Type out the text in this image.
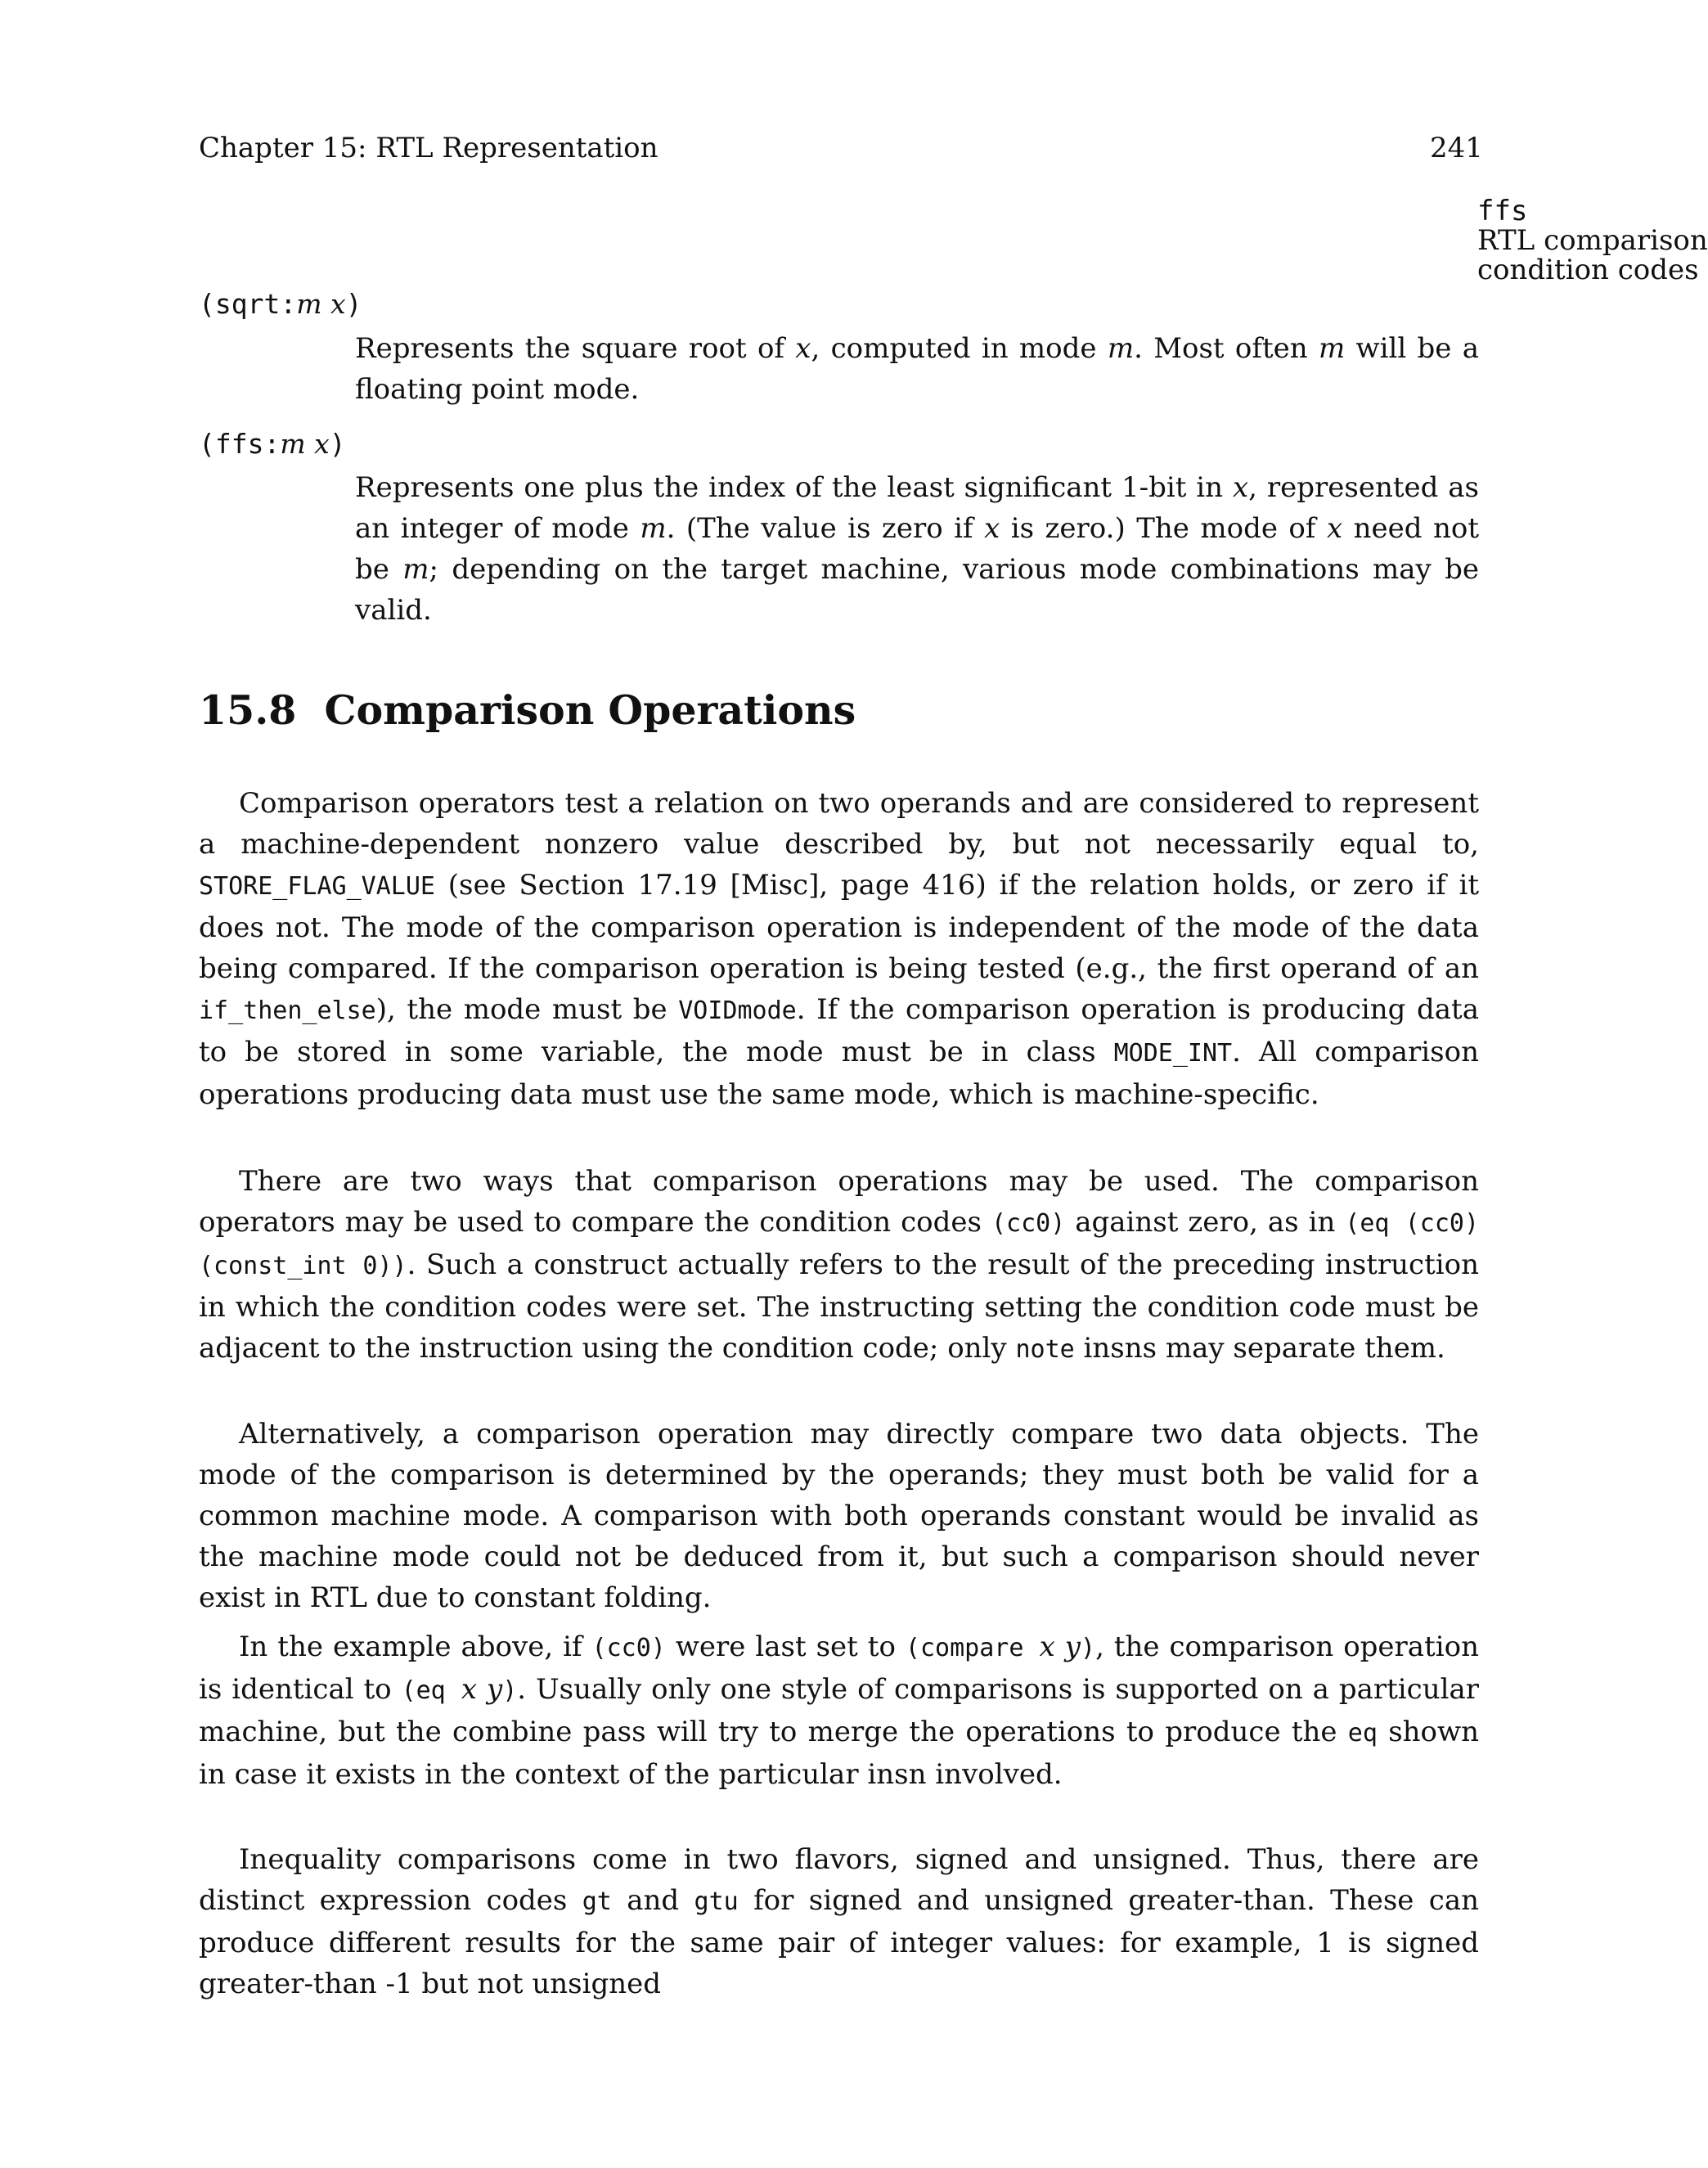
Chapter 15: RTL Representation	241
ffs
RTL comparison
condition codes
(sqrt:m x)
Represents the square root of x, computed in mode m. Most often m will be a floating point mode.
(ffs:m x)
Represents one plus the index of the least significant 1-bit in x, represented as an integer of mode m. (The value is zero if x is zero.) The mode of x need not be m; depending on the target machine, various mode combinations may be valid.
15.8 Comparison Operations

Comparison operators test a relation on two operands and are considered to represent a machine-dependent nonzero value described by, but not necessarily equal to, STORE_FLAG_VALUE (see Section 17.19 [Misc], page 416) if the relation holds, or zero if it does not. The mode of the comparison operation is independent of the mode of the data being compared. If the comparison operation is being tested (e.g., the first operand of an if_then_else), the mode must be VOIDmode. If the comparison operation is producing data to be stored in some variable, the mode must be in class MODE_INT. All comparison operations producing data must use the same mode, which is machine-specific.

There are two ways that comparison operations may be used. The comparison operators may be used to compare the condition codes (cc0) against zero, as in (eq (cc0) (const_int 0)). Such a construct actually refers to the result of the preceding instruction in which the condition codes were set. The instructing setting the condition code must be adjacent to the instruction using the condition code; only note insns may separate them.

Alternatively, a comparison operation may directly compare two data objects. The mode of the comparison is determined by the operands; they must both be valid for a common machine mode. A comparison with both operands constant would be invalid as the machine mode could not be deduced from it, but such a comparison should never exist in RTL due to constant folding.

In the example above, if (cc0) were last set to (compare x y), the comparison operation is identical to (eq x y). Usually only one style of comparisons is supported on a particular machine, but the combine pass will try to merge the operations to produce the eq shown in case it exists in the context of the particular insn involved.

Inequality comparisons come in two flavors, signed and unsigned. Thus, there are distinct expression codes gt and gtu for signed and unsigned greater-than. These can produce different results for the same pair of integer values: for example, 1 is signed greater-than -1 but not unsigned
